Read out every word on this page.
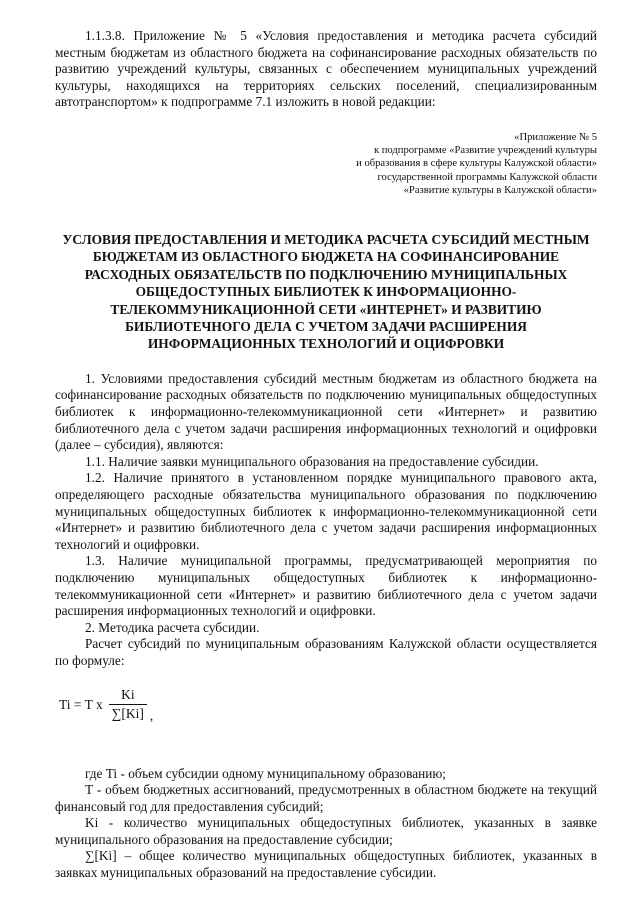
1.1.3.8. Приложение № 5 «Условия предоставления и методика расчета субсидий местным бюджетам из областного бюджета на софинансирование расходных обязательств по развитию учреждений культуры, связанных с обеспечением муниципальных учреждений культуры, находящихся на территориях сельских поселений, специализированным автотранспортом» к подпрограмме 7.1 изложить в новой редакции:

«Приложение № 5
к подпрограмме «Развитие учреждений культуры
и образования в сфере культуры Калужской области»
государственной программы Калужской области
«Развитие культуры в Калужской области»

УСЛОВИЯ ПРЕДОСТАВЛЕНИЯ И МЕТОДИКА РАСЧЕТА СУБСИДИЙ МЕСТНЫМ БЮДЖЕТАМ ИЗ ОБЛАСТНОГО БЮДЖЕТА НА СОФИНАНСИРОВАНИЕ РАСХОДНЫХ ОБЯЗАТЕЛЬСТВ ПО ПОДКЛЮЧЕНИЮ МУНИЦИПАЛЬНЫХ ОБЩЕДОСТУПНЫХ БИБЛИОТЕК К ИНФОРМАЦИОННО-ТЕЛЕКОММУНИКАЦИОННОЙ СЕТИ «ИНТЕРНЕТ» И РАЗВИТИЮ БИБЛИОТЕЧНОГО ДЕЛА С УЧЕТОМ ЗАДАЧИ РАСШИРЕНИЯ ИНФОРМАЦИОННЫХ ТЕХНОЛОГИЙ И ОЦИФРОВКИ

1. Условиями предоставления субсидий местным бюджетам из областного бюджета на софинансирование расходных обязательств по подключению муниципальных общедоступных библиотек к информационно-телекоммуникационной сети «Интернет» и развитию библиотечного дела с учетом задачи расширения информационных технологий и оцифровки (далее – субсидия), являются:

1.1. Наличие заявки муниципального образования на предоставление субсидии.

1.2. Наличие принятого в установленном порядке муниципального правового акта, определяющего расходные обязательства муниципального образования по подключению муниципальных общедоступных библиотек к информационно-телекоммуникационной сети «Интернет» и развитию библиотечного дела с учетом задачи расширения информационных технологий и оцифровки.

1.3. Наличие муниципальной программы, предусматривающей мероприятия по подключению муниципальных общедоступных библиотек к информационно-телекоммуникационной сети «Интернет» и развитию библиотечного дела с учетом задачи расширения информационных технологий и оцифровки.

2. Методика расчета субсидии.

Расчет субсидий по муниципальным образованиям Калужской области осуществляется по формуле:

Ti = T x $\frac{Ki}{\sum[Ki]}$ ,

где Ti - объем субсидии одному муниципальному образованию;

T - объем бюджетных ассигнований, предусмотренных в областном бюджете на текущий финансовый год для предоставления субсидий;

Ki - количество муниципальных общедоступных библиотек, указанных в заявке муниципального образования на предоставление субсидии;

∑[Ki] – общее количество муниципальных общедоступных библиотек, указанных в заявках муниципальных образований на предоставление субсидии.
